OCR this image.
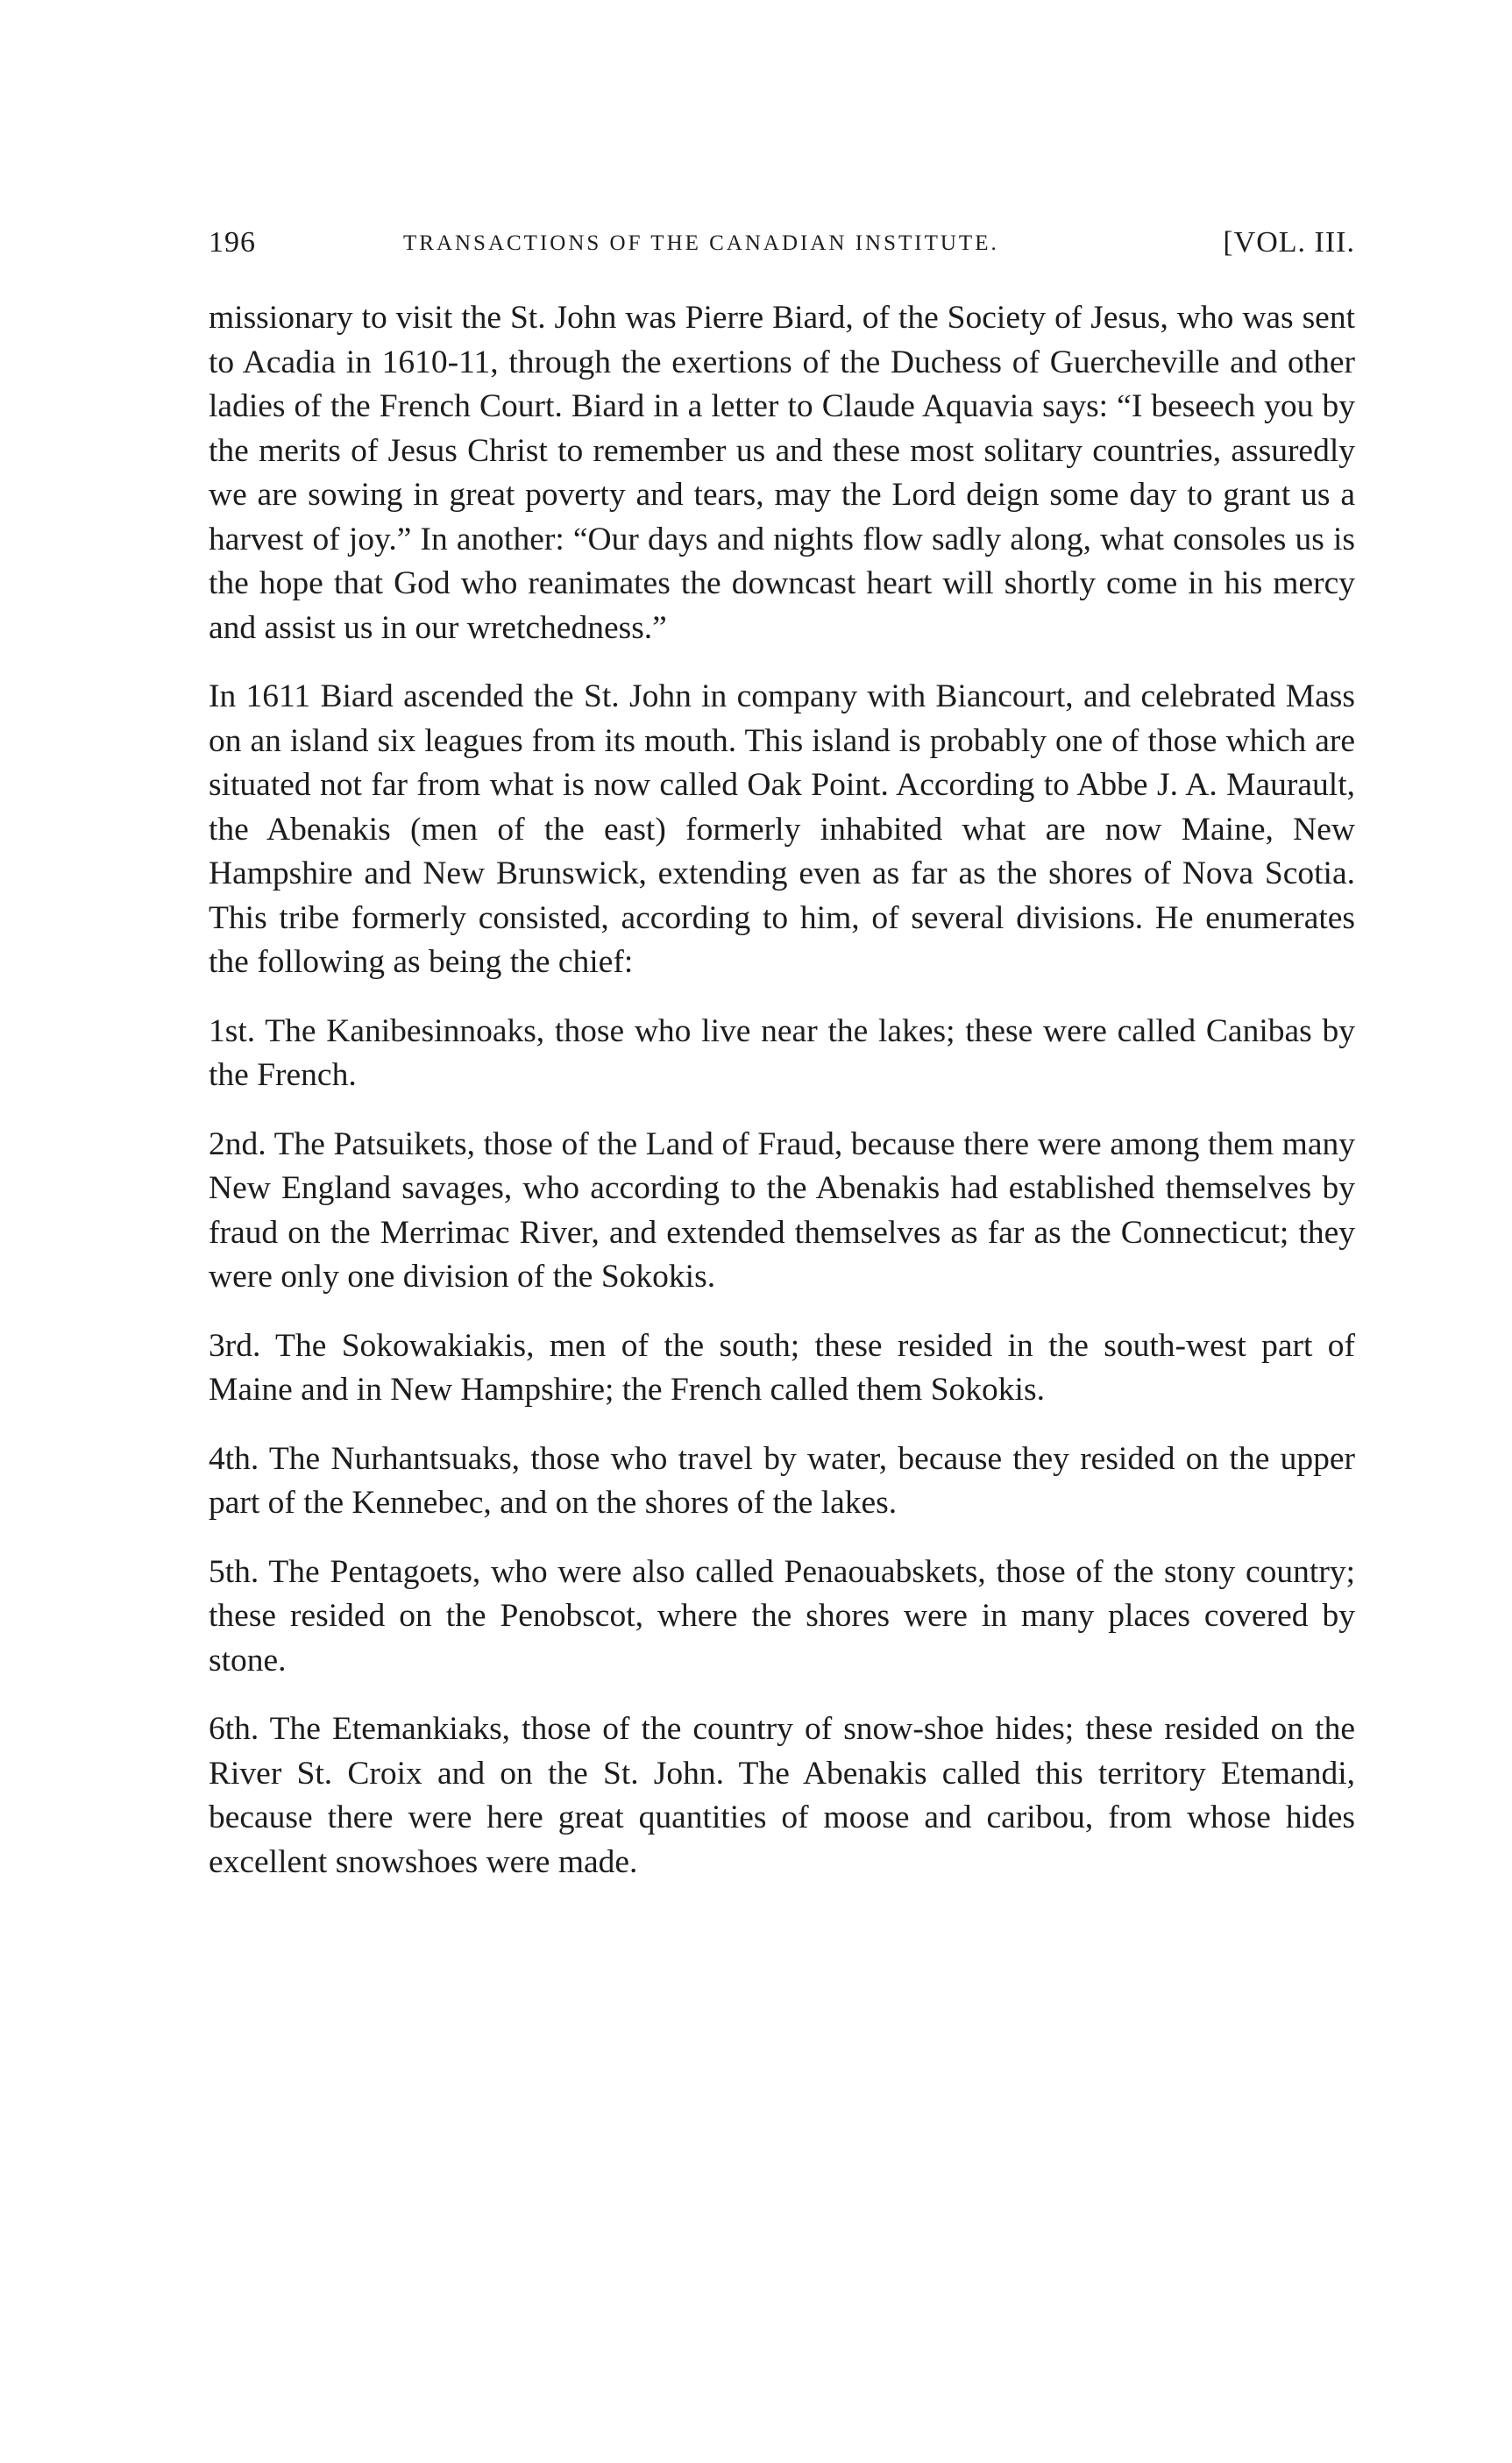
196	TRANSACTIONS OF THE CANADIAN INSTITUTE.	[VOL. III.

missionary to visit the St. John was Pierre Biard, of the Society of Jesus, who was sent to Acadia in 1610-11, through the exertions of the Duchess of Guercheville and other ladies of the French Court. Biard in a letter to Claude Aquavia says: “I beseech you by the merits of Jesus Christ to remember us and these most solitary countries, assuredly we are sowing in great poverty and tears, may the Lord deign some day to grant us a harvest of joy.” In another: “Our days and nights flow sadly along, what consoles us is the hope that God who reanimates the downcast heart will shortly come in his mercy and assist us in our wretchedness.”

In 1611 Biard ascended the St. John in company with Biancourt, and celebrated Mass on an island six leagues from its mouth. This island is probably one of those which are situated not far from what is now called Oak Point. According to Abbe J. A. Maurault, the Abenakis (men of the east) formerly inhabited what are now Maine, New Hampshire and New Brunswick, extending even as far as the shores of Nova Scotia. This tribe formerly consisted, according to him, of several divisions. He enumerates the following as being the chief:

1st. The Kanibesinnoaks, those who live near the lakes; these were called Canibas by the French.

2nd. The Patsuikets, those of the Land of Fraud, because there were among them many New England savages, who according to the Abenakis had established themselves by fraud on the Merrimac River, and extended themselves as far as the Connecticut; they were only one division of the Sokokis.

3rd. The Sokowakiakis, men of the south; these resided in the south-west part of Maine and in New Hampshire; the French called them Sokokis.

4th. The Nurhantsuaks, those who travel by water, because they resided on the upper part of the Kennebec, and on the shores of the lakes.

5th. The Pentagoets, who were also called Penaouabskets, those of the stony country; these resided on the Penobscot, where the shores were in many places covered by stone.

6th. The Etemankiaks, those of the country of snow-shoe hides; these resided on the River St. Croix and on the St. John. The Abenakis called this territory Etemandi, because there were here great quantities of moose and caribou, from whose hides excellent snowshoes were made.
